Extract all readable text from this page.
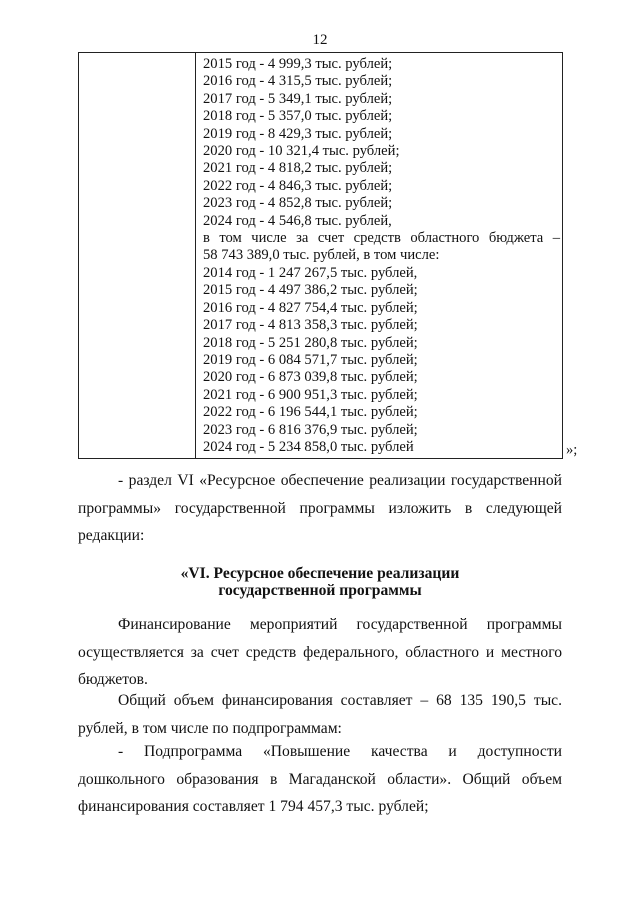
12
2015 год - 4 999,3 тыс. рублей;
2016 год - 4 315,5 тыс. рублей;
2017 год - 5 349,1 тыс. рублей;
2018 год - 5 357,0 тыс. рублей;
2019 год - 8 429,3 тыс. рублей;
2020 год - 10 321,4 тыс. рублей;
2021 год - 4 818,2 тыс. рублей;
2022 год - 4 846,3 тыс. рублей;
2023 год - 4 852,8 тыс. рублей;
2024 год - 4 546,8 тыс. рублей,
в том числе за счет средств областного бюджета –
58 743 389,0 тыс. рублей, в том числе:
2014 год - 1 247 267,5 тыс. рублей,
2015 год - 4 497 386,2 тыс. рублей;
2016 год - 4 827 754,4 тыс. рублей;
2017 год - 4 813 358,3 тыс. рублей;
2018 год - 5 251 280,8 тыс. рублей;
2019 год - 6 084 571,7 тыс. рублей;
2020 год - 6 873 039,8 тыс. рублей;
2021 год - 6 900 951,3 тыс. рублей;
2022 год - 6 196 544,1 тыс. рублей;
2023 год - 6 816 376,9 тыс. рублей;
2024 год - 5 234 858,0 тыс. рублей	»;

- раздел VI «Ресурсное обеспечение реализации государственной программы» государственной программы изложить в следующей редакции:

«VI. Ресурсное обеспечение реализации
государственной программы

Финансирование мероприятий государственной программы осуществляется за счет средств федерального, областного и местного бюджетов.

Общий объем финансирования составляет – 68 135 190,5 тыс. рублей, в том числе по подпрограммам:

- Подпрограмма «Повышение качества и доступности дошкольного образования в Магаданской области». Общий объем финансирования составляет 1 794 457,3 тыс. рублей;
